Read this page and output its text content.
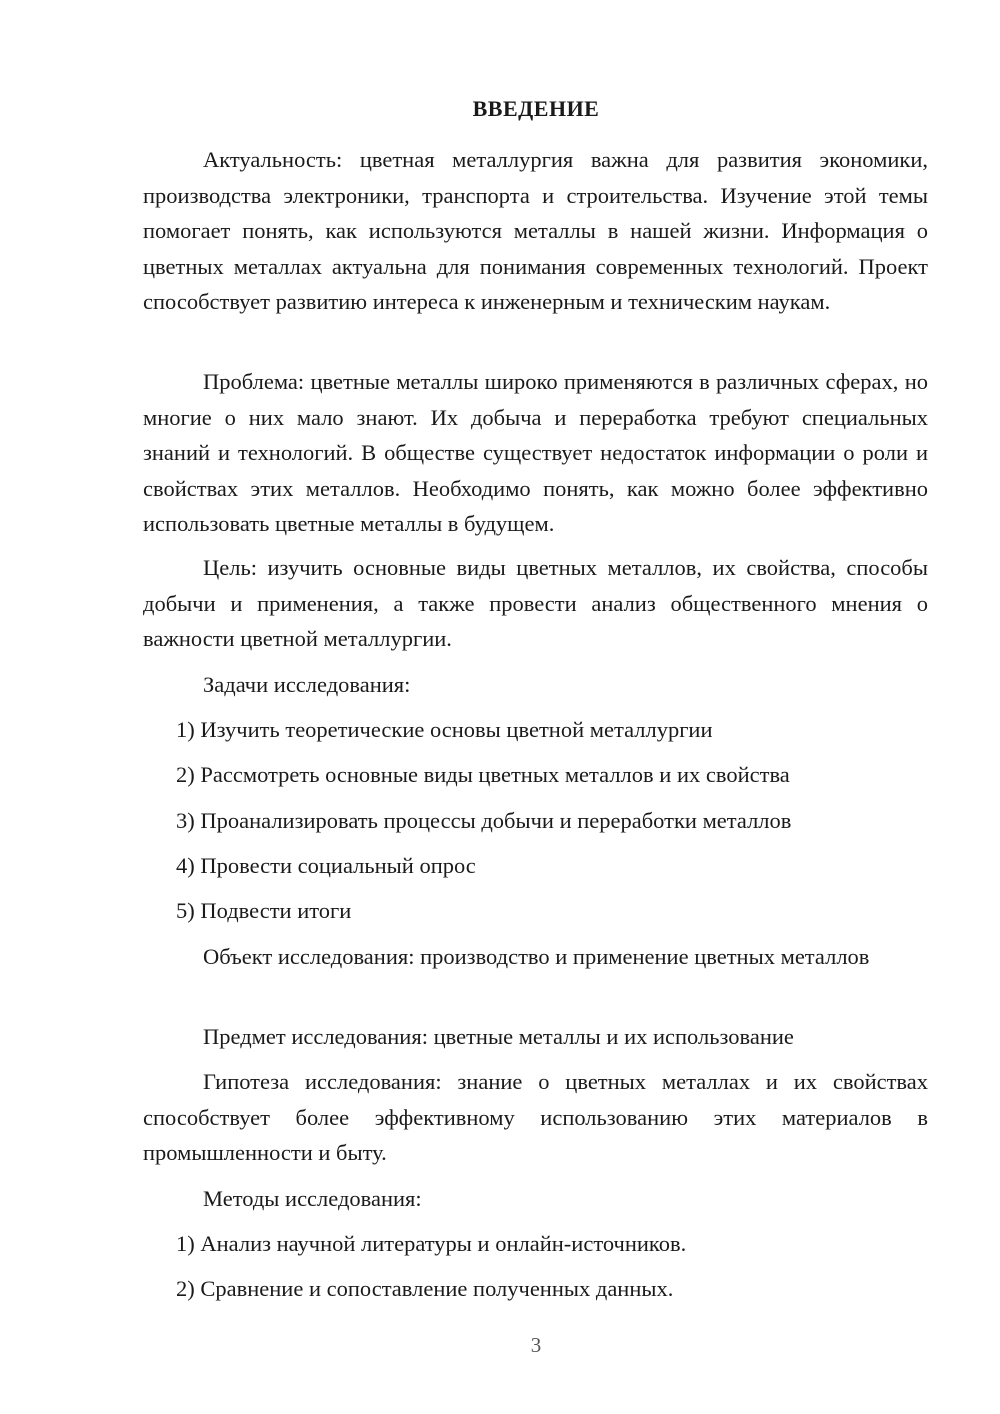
ВВЕДЕНИЕ

Актуальность: цветная металлургия важна для развития экономики, производства электроники, транспорта и строительства. Изучение этой темы помогает понять, как используются металлы в нашей жизни. Информация о цветных металлах актуальна для понимания современных технологий. Проект способствует развитию интереса к инженерным и техническим наукам.

Проблема: цветные металлы широко применяются в различных сферах, но многие о них мало знают. Их добыча и переработка требуют специальных знаний и технологий. В обществе существует недостаток информации о роли и свойствах этих металлов. Необходимо понять, как можно более эффективно использовать цветные металлы в будущем.

Цель: изучить основные виды цветных металлов, их свойства, способы добычи и применения, а также провести анализ общественного мнения о важности цветной металлургии.

Задачи исследования:

1) Изучить теоретические основы цветной металлургии

2) Рассмотреть основные виды цветных металлов и их свойства

3) Проанализировать процессы добычи и переработки металлов

4) Провести социальный опрос

5) Подвести итоги

Объект исследования: производство и применение цветных металлов

Предмет исследования: цветные металлы и их использование

Гипотеза исследования: знание о цветных металлах и их свойствах способствует более эффективному использованию этих материалов в промышленности и быту.

Методы исследования:

1) Анализ научной литературы и онлайн-источников.

2) Сравнение и сопоставление полученных данных.

3
